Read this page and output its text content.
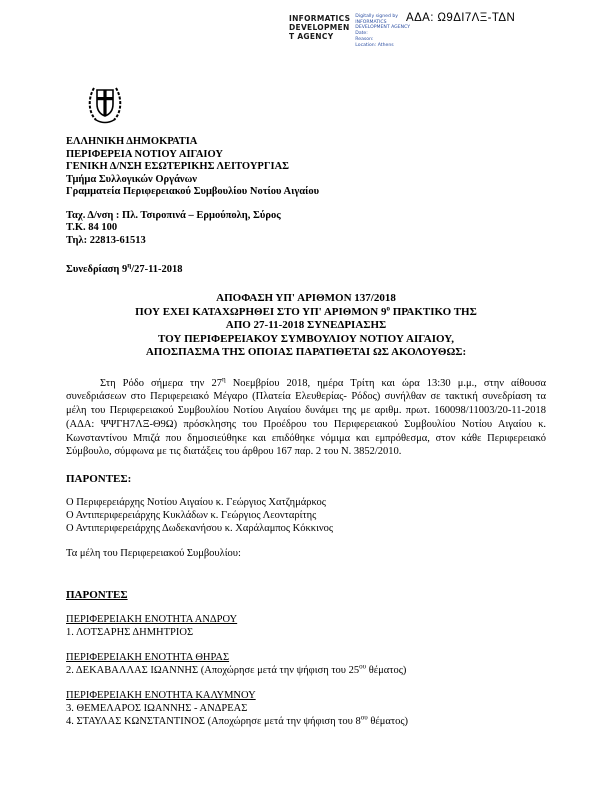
ΑΔΑ: Ω9ΔΙ7ΛΞ-ΤΔΝ
INFORMATICS
DEVELOPMEN
T AGENCY
Digitally signed by
INFORMATICS
DEVELOPMENT AGENCY
Date:
Reason:
Location: Athens
ΕΛΛΗΝΙΚΗ ΔΗΜΟΚΡΑΤΙΑ
ΠΕΡΙΦΕΡΕΙΑ ΝΟΤΙΟΥ ΑΙΓΑΙΟΥ
ΓΕΝΙΚΗ Δ/ΝΣΗ ΕΣΩΤΕΡΙΚΗΣ ΛΕΙΤΟΥΡΓΙΑΣ
Τμήμα Συλλογικών Οργάνων
Γραμματεία Περιφερειακού Συμβουλίου Νοτίου Αιγαίου
Ταχ. Δ/νση : Πλ. Τσιροπινά – Ερμούπολη, Σύρος
Τ.Κ. 84 100
Τηλ: 22813-61513
Συνεδρίαση $9^\eta/27-11-2018$
ΑΠΟΦΑΣΗ ΥΠ' ΑΡΙΘΜΟΝ 137/2018
ΠΟΥ ΕΧΕΙ ΚΑΤΑΧΩΡΗΘΕΙ ΣΤΟ ΥΠ' ΑΡΙΘΜΟΝ $9^o$ ΠΡΑΚΤΙΚΟ ΤΗΣ
ΑΠΟ 27-11-2018 ΣΥΝΕΔΡΙΑΣΗΣ
ΤΟΥ ΠΕΡΙΦΕΡΕΙΑΚΟΥ ΣΥΜΒΟΥΛΙΟΥ ΝΟΤΙΟΥ ΑΙΓΑΙΟΥ,
ΑΠΟΣΠΑΣΜΑ ΤΗΣ ΟΠΟΙΑΣ ΠΑΡΑΤΙΘΕΤΑΙ ΩΣ ΑΚΟΛΟΥΘΩΣ:
Στη Ρόδο σήμερα την $27^\eta$ Νοεμβρίου 2018, ημέρα Τρίτη και ώρα 13:30 μ.μ., στην αίθουσα συνεδριάσεων στο Περιφερειακό Μέγαρο (Πλατεία Ελευθερίας- Ρόδος) συνήλθαν σε τακτική συνεδρίαση τα μέλη του Περιφερειακού Συμβουλίου Νοτίου Αιγαίου δυνάμει της με αριθμ. πρωτ. 160098/11003/20-11-2018 (ΑΔΑ: ΨΨΓΗ7ΛΞ-Θ9Ω) πρόσκλησης του Προέδρου του Περιφερειακού Συμβουλίου Νοτίου Αιγαίου κ. Κωνσταντίνου Μπιζά που δημοσιεύθηκε και επιδόθηκε νόμιμα και εμπρόθεσμα, στον κάθε Περιφερειακό Σύμβουλο, σύμφωνα με τις διατάξεις του άρθρου 167 παρ. 2 του Ν. 3852/2010.
ΠΑΡΟΝΤΕΣ:
Ο Περιφερειάρχης Νοτίου Αιγαίου κ. Γεώργιος Χατζημάρκος
Ο Αντιπεριφερειάρχης Κυκλάδων κ. Γεώργιος Λεονταρίτης
Ο Αντιπεριφερειάρχης Δωδεκανήσου κ. Χαράλαμπος Κόκκινος
Τα μέλη του Περιφερειακού Συμβουλίου:
ΠΑΡΟΝΤΕΣ
ΠΕΡΙΦΕΡΕΙΑΚΗ ΕΝΟΤΗΤΑ ΑΝΔΡΟΥ
1. ΛΟΤΣΑΡΗΣ ΔΗΜΗΤΡΙΟΣ
ΠΕΡΙΦΕΡΕΙΑΚΗ ΕΝΟΤΗΤΑ ΘΗΡΑΣ
2. ΔΕΚΑΒΑΛΛΑΣ ΙΩΑΝΝΗΣ (Αποχώρησε μετά την ψήφιση του $25^{o\upsilon}$ θέματος)
ΠΕΡΙΦΕΡΕΙΑΚΗ ΕΝΟΤΗΤΑ ΚΑΛΥΜΝΟΥ
3. ΘΕΜΕΛΑΡΟΣ ΙΩΑΝΝΗΣ - ΑΝΔΡΕΑΣ
4. ΣΤΑΥΛΑΣ ΚΩΝΣΤΑΝΤΙΝΟΣ (Αποχώρησε μετά την ψήφιση του $8^{o\upsilon}$ θέματος)
